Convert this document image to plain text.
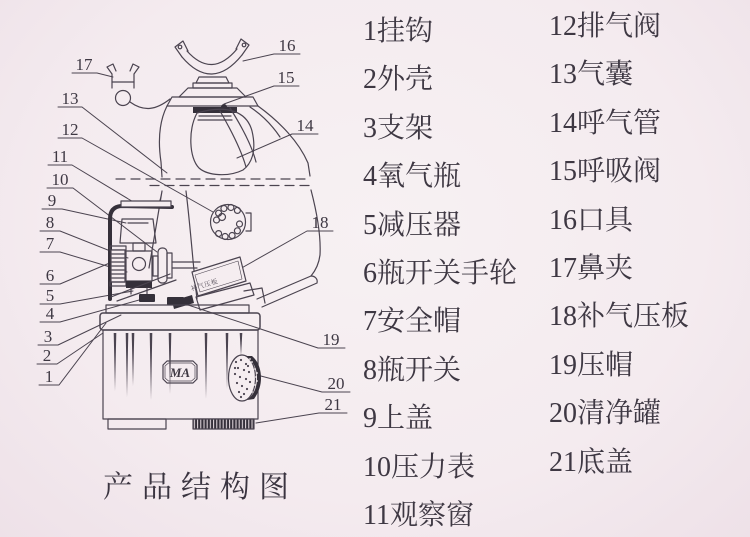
MA
补气压板
1
2
3
4
5
6
7
8
9
10
11
12
13
14
15
16
17
18
19
20
21
产品结构图
1挂钩
2外壳
3支架
4氧气瓶
5减压器
6瓶开关手轮
7安全帽
8瓶开关
9上盖
10压力表
11观察窗
12排气阀
13气囊
14呼气管
15呼吸阀
16口具
17鼻夹
18补气压板
19压帽
20清净罐
21底盖
